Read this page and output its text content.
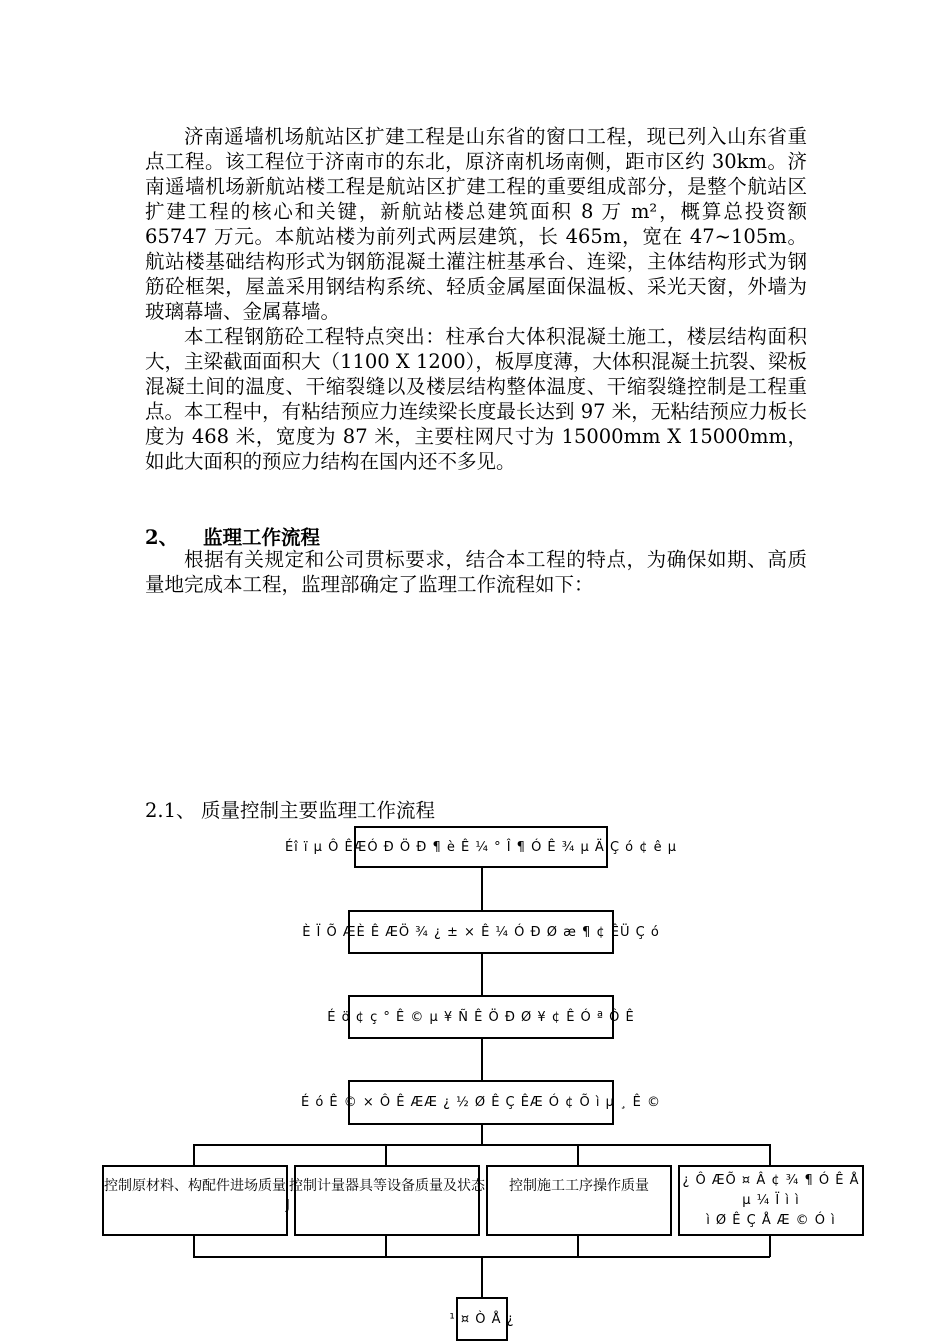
济南遥墙机场航站区扩建工程是山东省的窗口工程，现已列入山东省重点工程。该工程位于济南市的东北，原济南机场南侧，距市区约 30km。济南遥墙机场新航站楼工程是航站区扩建工程的重要组成部分，是整个航站区扩建工程的核心和关键，新航站楼总建筑面积 8 万 m²，概算总投资额 65747 万元。本航站楼为前列式两层建筑，长 465m，宽在 47~105m。航站楼基础结构形式为钢筋混凝土灌注桩基承台、连梁，主体结构形式为钢筋砼框架，屋盖采用钢结构系统、轻质金属屋面保温板、采光天窗，外墙为玻璃幕墙、金属幕墙。

本工程钢筋砼工程特点突出：柱承台大体积混凝土施工，楼层结构面积大，主梁截面面积大（1100 X 1200），板厚度薄，大体积混凝土抗裂、梁板混凝土间的温度、干缩裂缝以及楼层结构整体温度、干缩裂缝控制是工程重点。本工程中，有粘结预应力连续梁长度最长达到 97 米，无粘结预应力板长度为 468 米，宽度为 87 米，主要柱网尺寸为 15000mm X 15000mm，如此大面积的预应力结构在国内还不多见。

2、 监理工作流程

根据有关规定和公司贯标要求，结合本工程的特点，为确保如期、高质量地完成本工程，监理部确定了监理工作流程如下：

2.1、 质量控制主要监理工作流程
Éî ï µ Ô ÊÆÓ Ð Ö Ð ¶ è Ê ¼ ° Î ¶ Ó Ê ¾ µ Ä Ç ó ¢ ê µ
È Ï Õ ÆÈ Ê ÆÖ ¾ ¿ ± × Ê ¼ Ó Ð Ø æ ¶ ¢ ÊÜ Ç ó
É ö ¢ ç ° Ê © µ ¥ Ñ Ê Ö Ð Ø ¥ ¢ Ê Ó ª Ô Ê
É ó Ê © × Ô Ê ÆÆ ¿ ½ Ø Ê Ç ÊÆ Ó ¢ Õ ì µ ¸ Ê ©
控制原材料、构配件进场质量 控制计量器具等设备质量及状态	控制施工工序操作质量	¿ Ô ÆÕ ¤ Â ¢ ¾ ¶ Ó Ê Å µ ¼ Ï ì ì
ì Ø Ê Ç Å Æ © Ó ì
J
¹ ¤ Ò Å ¿
